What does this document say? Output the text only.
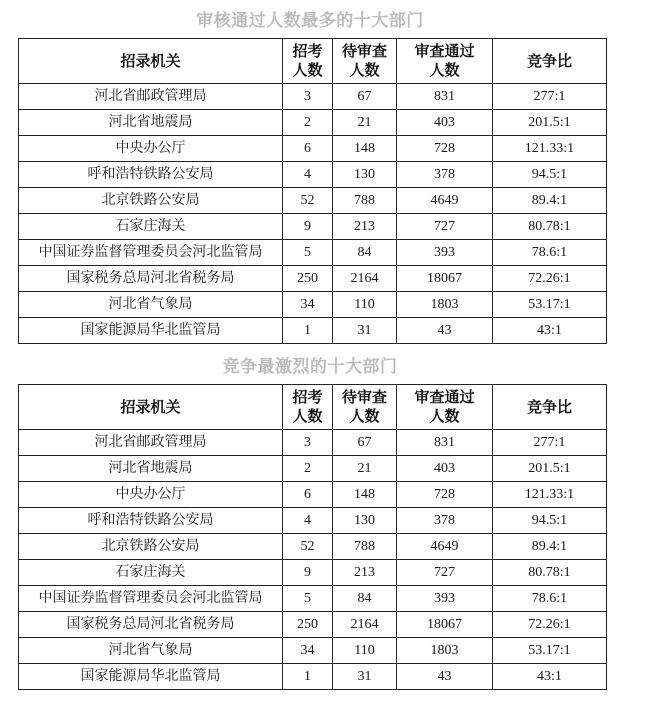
审核通过人数最多的十大部门
招录机关	招考人数	待审查人数	审查通过人数	竞争比
河北省邮政管理局	3	67	831	277:1
河北省地震局	2	21	403	201.5:1
中央办公厅	6	148	728	121.33:1
呼和浩特铁路公安局	4	130	378	94.5:1
北京铁路公安局	52	788	4649	89.4:1
石家庄海关	9	213	727	80.78:1
中国证券监督管理委员会河北监管局	5	84	393	78.6:1
国家税务总局河北省税务局	250	2164	18067	72.26:1
河北省气象局	34	110	1803	53.17:1
国家能源局华北监管局	1	31	43	43:1
竞争最激烈的十大部门
招录机关	招考人数	待审查人数	审查通过人数	竞争比
河北省邮政管理局	3	67	831	277:1
河北省地震局	2	21	403	201.5:1
中央办公厅	6	148	728	121.33:1
呼和浩特铁路公安局	4	130	378	94.5:1
北京铁路公安局	52	788	4649	89.4:1
石家庄海关	9	213	727	80.78:1
中国证券监督管理委员会河北监管局	5	84	393	78.6:1
国家税务总局河北省税务局	250	2164	18067	72.26:1
河北省气象局	34	110	1803	53.17:1
国家能源局华北监管局	1	31	43	43:1
